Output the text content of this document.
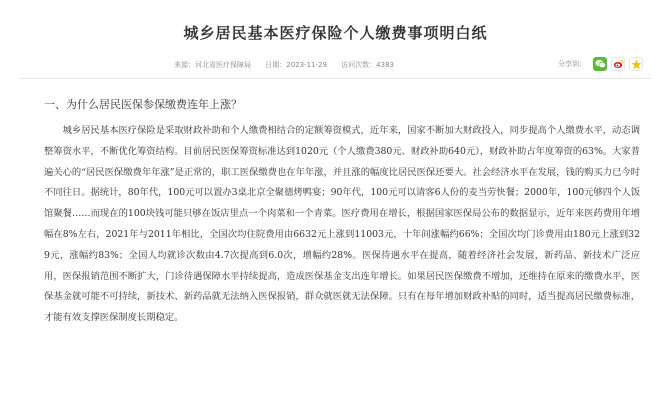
城乡居民基本医疗保险个人缴费事项明白纸
来源：河北省医疗保障局 日期：2023-11-29 访问次数：4383	分享到：
一、为什么居民医保参保缴费连年上涨？

城乡居民基本医疗保险是采取财政补助和个人缴费相结合的定额筹资模式，近年来，国家不断加大财政投入，同步提高个人缴费水平，动态调整筹资水平，不断优化筹资结构。目前居民医保筹资标准达到1020元（个人缴费380元、财政补助640元），财政补助占年度筹资的63%。大家普遍关心的“居民医保缴费年年涨”是正常的，职工医保缴费也在年年涨，并且涨的幅度比居民医保还要大。社会经济水平在发展，钱的购买力已今时不同往日。据统计，80年代，100元可以置办3桌北京全聚德烤鸭宴；90年代，100元可以请客6人份的麦当劳快餐；2000年，100元够四个人饭馆聚餐……而现在的100块钱可能只够在饭店里点一个肉菜和一个青菜。医疗费用在增长，根据国家医保局公布的数据显示，近年来医药费用年增幅在8%左右，2021年与2011年相比，全国次均住院费用由6632元上涨到11003元，十年间涨幅约66%；全国次均门诊费用由180元上涨到329元，涨幅约83%；全国人均就诊次数由4.7次提高到6.0次，增幅约28%。医保待遇水平在提高，随着经济社会发展，新药品、新技术广泛应用，医保报销范围不断扩大，门诊待遇保障水平持续提高，造成医保基金支出连年增长。如果居民医保缴费不增加，还维持在原来的缴费水平，医保基金就可能不可持续，新技术、新药品就无法纳入医保报销，群众就医就无法保障。只有在每年增加财政补贴的同时，适当提高居民缴费标准，才能有效支撑医保制度长期稳定。
